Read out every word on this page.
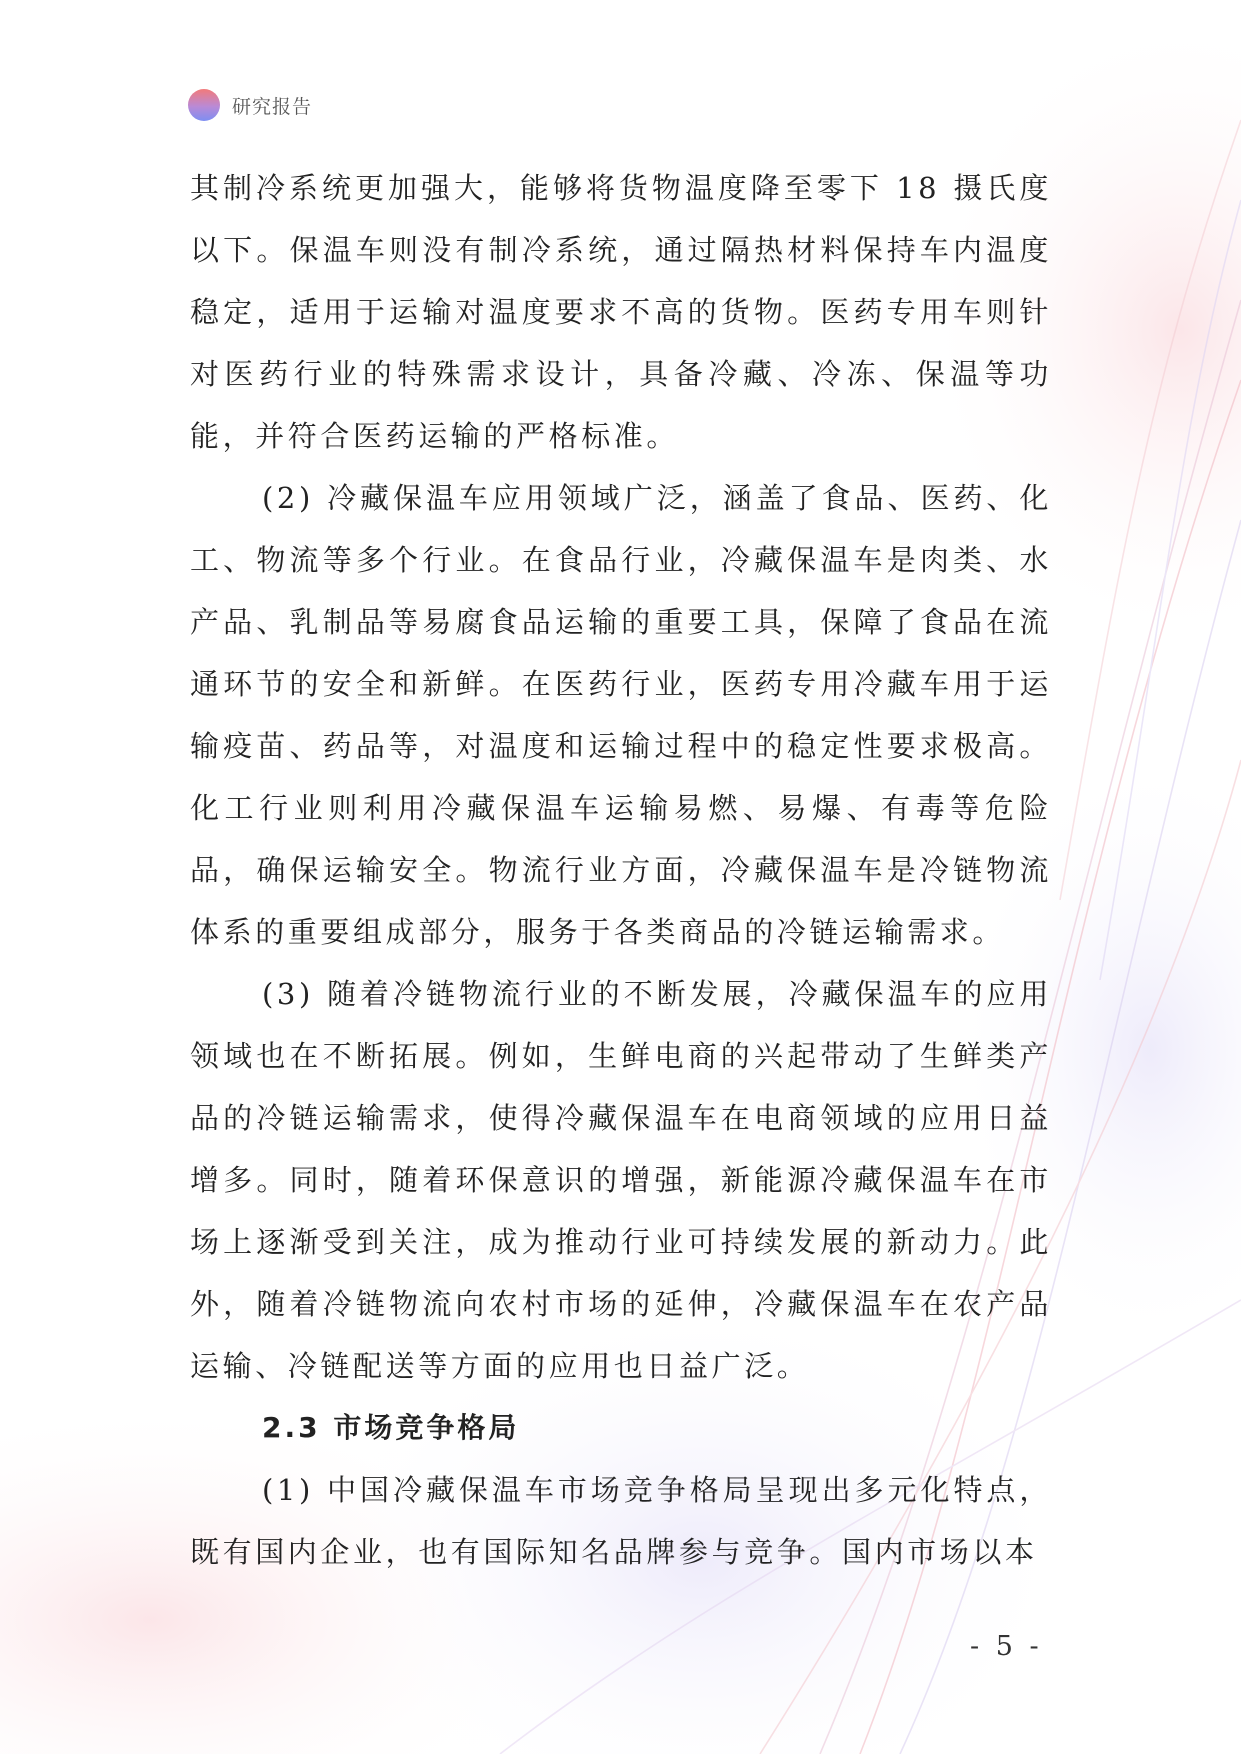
研究报告

其制冷系统更加强大，能够将货物温度降至零下 18 摄氏度以下。保温车则没有制冷系统，通过隔热材料保持车内温度稳定，适用于运输对温度要求不高的货物。医药专用车则针对医药行业的特殊需求设计，具备冷藏、冷冻、保温等功能，并符合医药运输的严格标准。

(2) 冷藏保温车应用领域广泛，涵盖了食品、医药、化工、物流等多个行业。在食品行业，冷藏保温车是肉类、水产品、乳制品等易腐食品运输的重要工具，保障了食品在流通环节的安全和新鲜。在医药行业，医药专用冷藏车用于运输疫苗、药品等，对温度和运输过程中的稳定性要求极高。化工行业则利用冷藏保温车运输易燃、易爆、有毒等危险品，确保运输安全。物流行业方面，冷藏保温车是冷链物流体系的重要组成部分，服务于各类商品的冷链运输需求。

(3) 随着冷链物流行业的不断发展，冷藏保温车的应用领域也在不断拓展。例如，生鲜电商的兴起带动了生鲜类产品的冷链运输需求，使得冷藏保温车在电商领域的应用日益增多。同时，随着环保意识的增强，新能源冷藏保温车在市场上逐渐受到关注，成为推动行业可持续发展的新动力。此外，随着冷链物流向农村市场的延伸，冷藏保温车在农产品运输、冷链配送等方面的应用也日益广泛。

2.3 市场竞争格局

(1) 中国冷藏保温车市场竞争格局呈现出多元化特点，既有国内企业，也有国际知名品牌参与竞争。国内市场以本

- 5 -
